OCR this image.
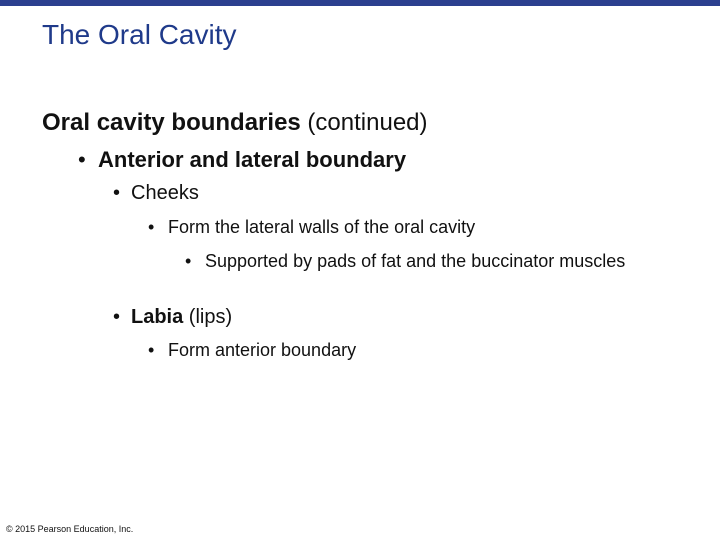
The Oral Cavity
Oral cavity boundaries (continued)
• Anterior and lateral boundary
• Cheeks
• Form the lateral walls of the oral cavity
• Supported by pads of fat and the buccinator muscles
• Labia (lips)
• Form anterior boundary
© 2015 Pearson Education, Inc.
